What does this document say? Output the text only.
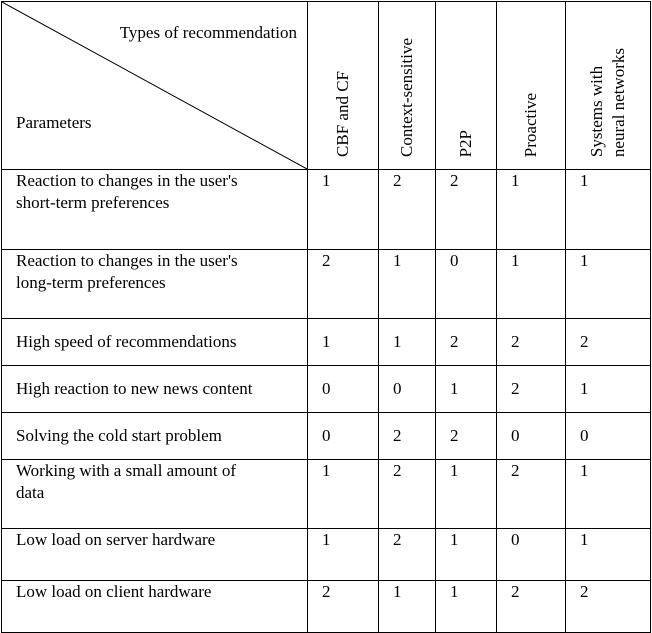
Types of recommendation
Parameters	CBF and CF	Context-sensitive	P2P	Proactive	Systems with neural networks

Reaction to changes in the user's
short-term preferences	1	2	2	1	1
Reaction to changes in the user's
long-term preferences	2	1	0	1	1
High speed of recommendations	1	1	2	2	2
High reaction to new news content	0	0	1	2	1
Solving the cold start problem	0	2	2	0	0
Working with a small amount of
data	1	2	1	2	1
Low load on server hardware	1	2	1	0	1
Low load on client hardware	2	1	1	2	2
